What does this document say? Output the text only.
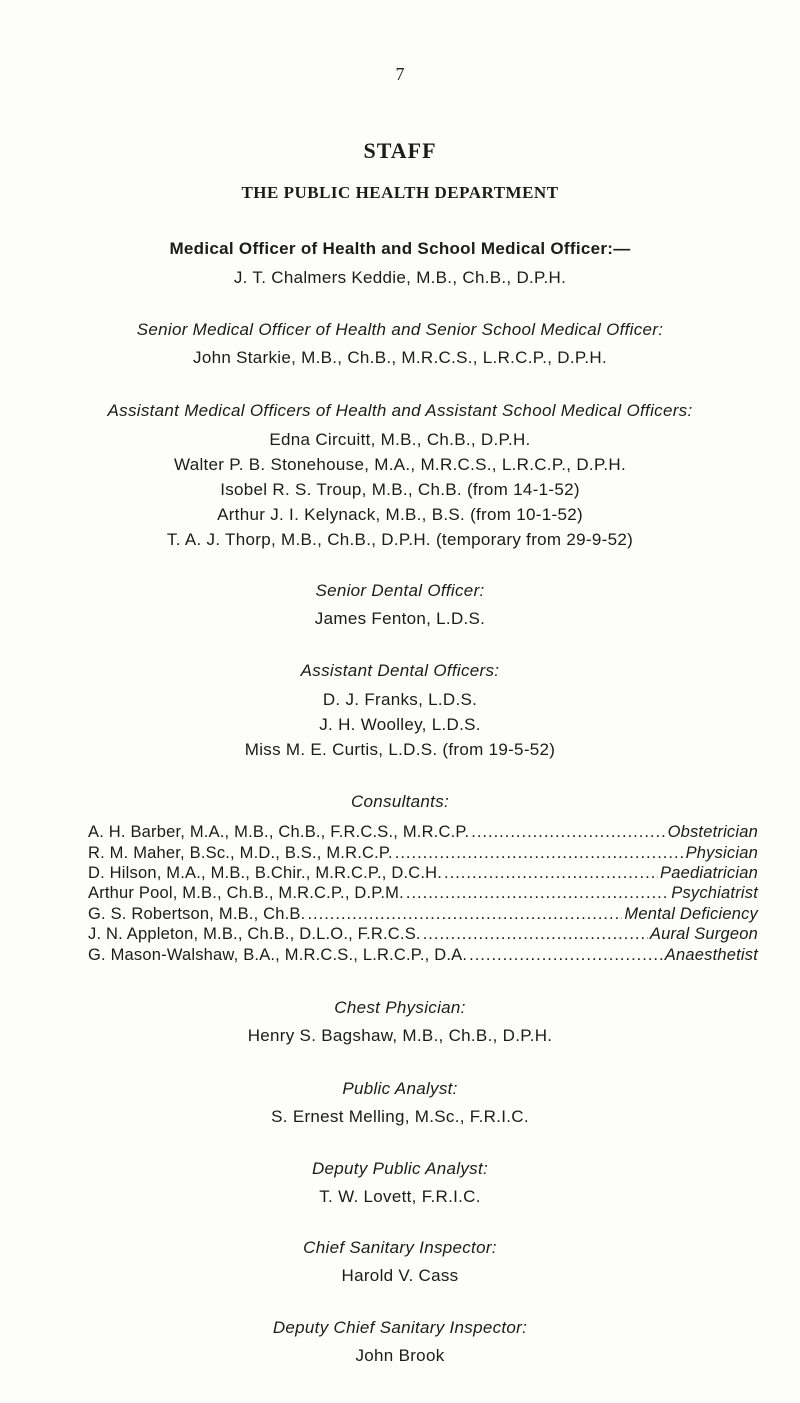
7
STAFF
THE PUBLIC HEALTH DEPARTMENT
Medical Officer of Health and School Medical Officer:—
J. T. Chalmers Keddie, M.B., Ch.B., D.P.H.
Senior Medical Officer of Health and Senior School Medical Officer:
John Starkie, M.B., Ch.B., M.R.C.S., L.R.C.P., D.P.H.
Assistant Medical Officers of Health and Assistant School Medical Officers:
Edna Circuitt, M.B., Ch.B., D.P.H.
Walter P. B. Stonehouse, M.A., M.R.C.S., L.R.C.P., D.P.H.
Isobel R. S. Troup, M.B., Ch.B. (from 14-1-52)
Arthur J. I. Kelynack, M.B., B.S. (from 10-1-52)
T. A. J. Thorp, M.B., Ch.B., D.P.H. (temporary from 29-9-52)
Senior Dental Officer:
James Fenton, L.D.S.
Assistant Dental Officers:
D. J. Franks, L.D.S.
J. H. Woolley, L.D.S.
Miss M. E. Curtis, L.D.S. (from 19-5-52)
Consultants:
A. H. Barber, M.A., M.B., Ch.B., F.R.C.S., M.R.C.P. .....	Obstetrician
R. M. Maher, B.Sc., M.D., B.S., M.R.C.P. .....	Physician
D. Hilson, M.A., M.B., B.Chir., M.R.C.P., D.C.H. .....	Paediatrician
Arthur Pool, M.B., Ch.B., M.R.C.P., D.P.M. .....	Psychiatrist
G. S. Robertson, M.B., Ch.B. .....	Mental Deficiency
J. N. Appleton, M.B., Ch.B., D.L.O., F.R.C.S. .....	Aural Surgeon
G. Mason-Walshaw, B.A., M.R.C.S., L.R.C.P., D.A. .....	Anaesthetist
Chest Physician:
Henry S. Bagshaw, M.B., Ch.B., D.P.H.
Public Analyst:
S. Ernest Melling, M.Sc., F.R.I.C.
Deputy Public Analyst:
T. W. Lovett, F.R.I.C.
Chief Sanitary Inspector:
Harold V. Cass
Deputy Chief Sanitary Inspector:
John Brook
